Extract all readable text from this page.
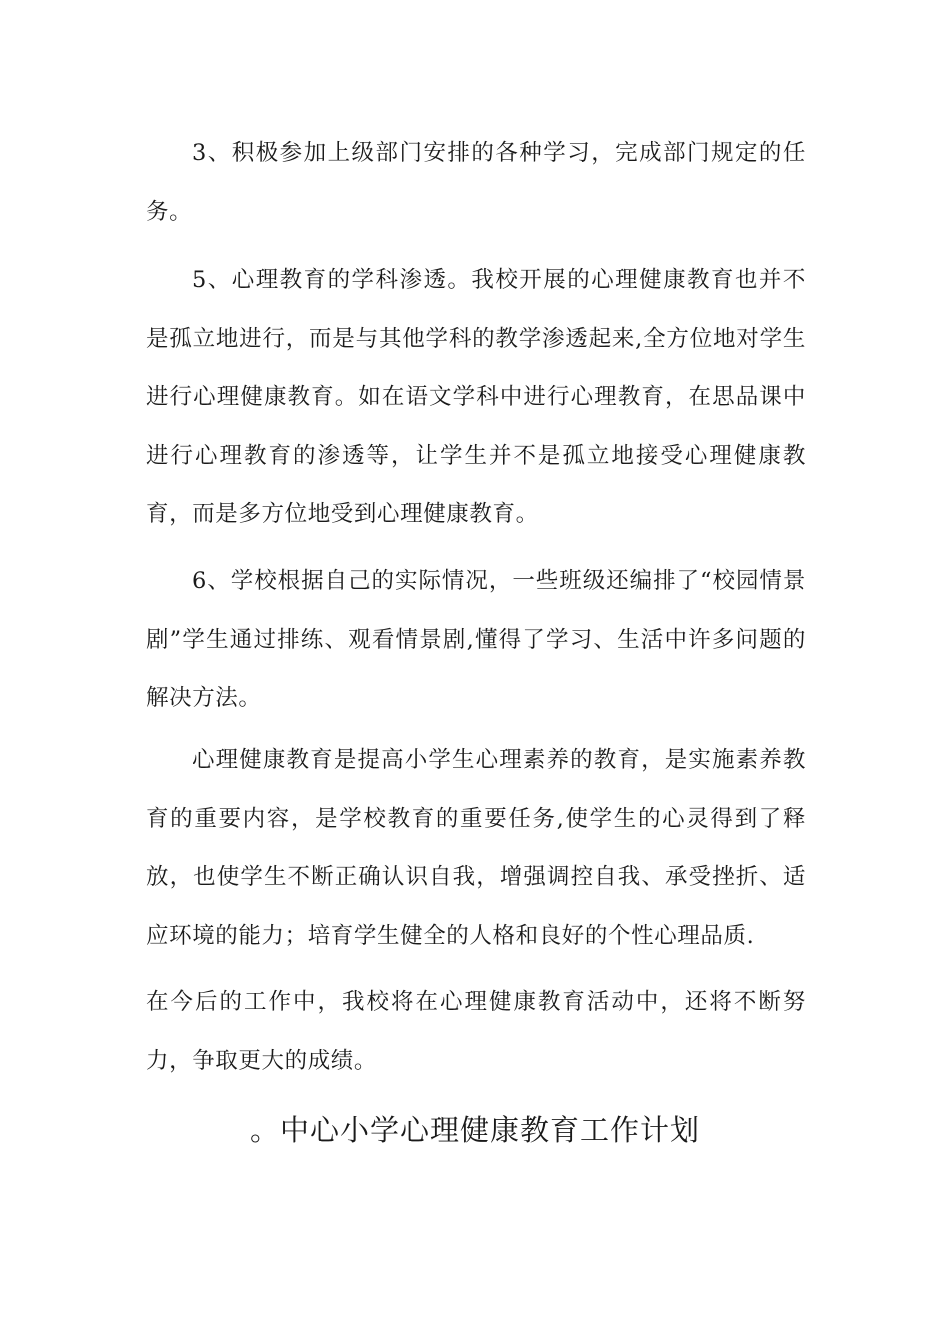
3、积极参加上级部门安排的各种学习，完成部门规定的任务。

5、心理教育的学科渗透。我校开展的心理健康教育也并不是孤立地进行，而是与其他学科的教学渗透起来,全方位地对学生进行心理健康教育。如在语文学科中进行心理教育，在思品课中进行心理教育的渗透等，让学生并不是孤立地接受心理健康教育，而是多方位地受到心理健康教育。

6、学校根据自己的实际情况，一些班级还编排了“校园情景剧”学生通过排练、观看情景剧,懂得了学习、生活中许多问题的解决方法。

心理健康教育是提高小学生心理素养的教育，是实施素养教育的重要内容，是学校教育的重要任务,使学生的心灵得到了释放，也使学生不断正确认识自我，增强调控自我、承受挫折、适应环境的能力；培育学生健全的人格和良好的个性心理品质.

在今后的工作中，我校将在心理健康教育活动中，还将不断努力，争取更大的成绩。

。中心小学心理健康教育工作计划
